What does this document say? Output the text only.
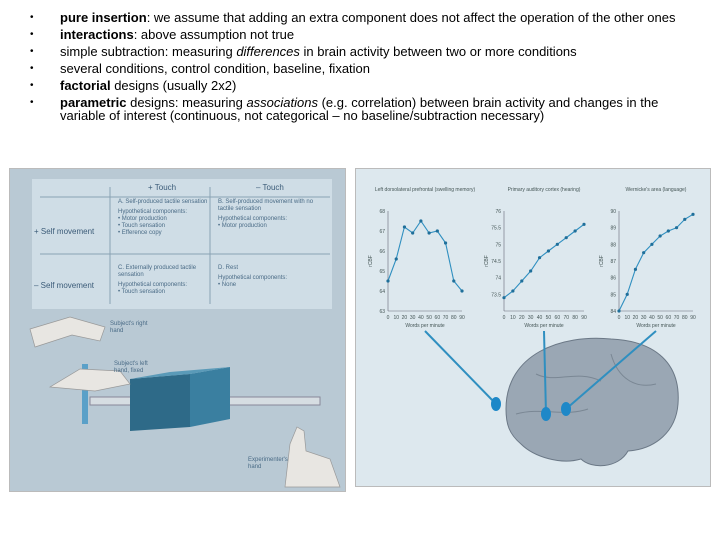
• pure insertion: we assume that adding an extra component does not affect the operation of the other ones
• interactions: above assumption not true
• simple subtraction: measuring differences in brain activity between two or more conditions
• several conditions, control condition, baseline, fixation
• factorial designs (usually 2x2)
• parametric designs: measuring associations (e.g. correlation) between brain activity and changes in the variable of interest (continuous, not categorical – no baseline/subtraction necessary)
+ Touch	– Touch
+ Self movement
– Self movement
A. Self-produced tactile sensation
Hypothetical components:
• Motor production
• Touch sensation
• Efference copy
B. Self-produced movement with no tactile sensation
Hypothetical components:
• Motor production
C. Externally produced tactile sensation
Hypothetical components:
• Touch sensation
D. Rest
Hypothetical components:
• None
Subject's right hand
Subject's left hand, fixed
Experimenter's hand
Left dorsolateral prefrontal (swelling memory)
63
64
65
66
67
68
0 10 20 30 40 50 60 70 80 90
Words per minute
rCBF
Primary auditory cortex (hearing)
73.5
74
74.5
75
75.5
76
0 10 20 30 40 50 60 70 80 90
Words per minute
rCBF
Wernicke's area (language)
84
85
86
87
88
89
90
0 10 20 30 40 50 60 70 80 90
Words per minute
rCBF
